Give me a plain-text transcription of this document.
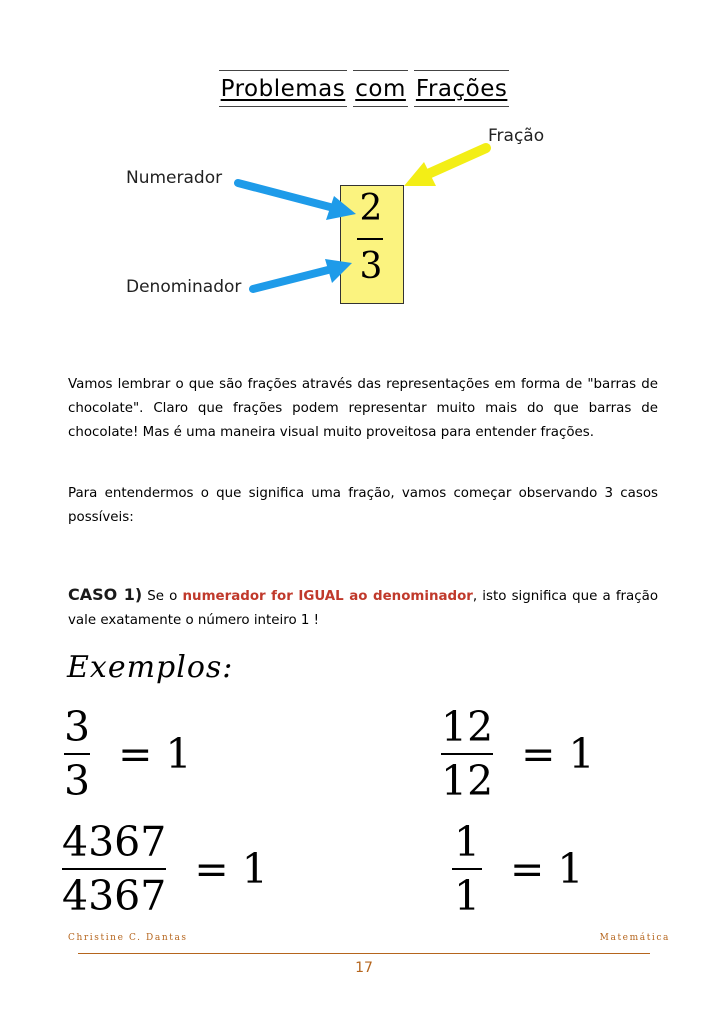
Problemas com Frações
Fração
Numerador
Denominador
2
3
Vamos lembrar o que são frações através das representações em forma de "barras de chocolate". Claro que frações podem representar muito mais do que barras de chocolate! Mas é uma maneira visual muito proveitosa para entender frações.
Para entendermos o que significa uma fração, vamos começar observando 3 casos possíveis:
CASO 1) Se o numerador for IGUAL ao denominador, isto significa que a fração vale exatamente o número inteiro 1 !
Exemplos:
$\frac{3}{3} = 1$	$\frac{12}{12} = 1$
$\frac{4367}{4367} = 1$	$\frac{1}{1} = 1$
Christine C. Dantas	Matemática
17
